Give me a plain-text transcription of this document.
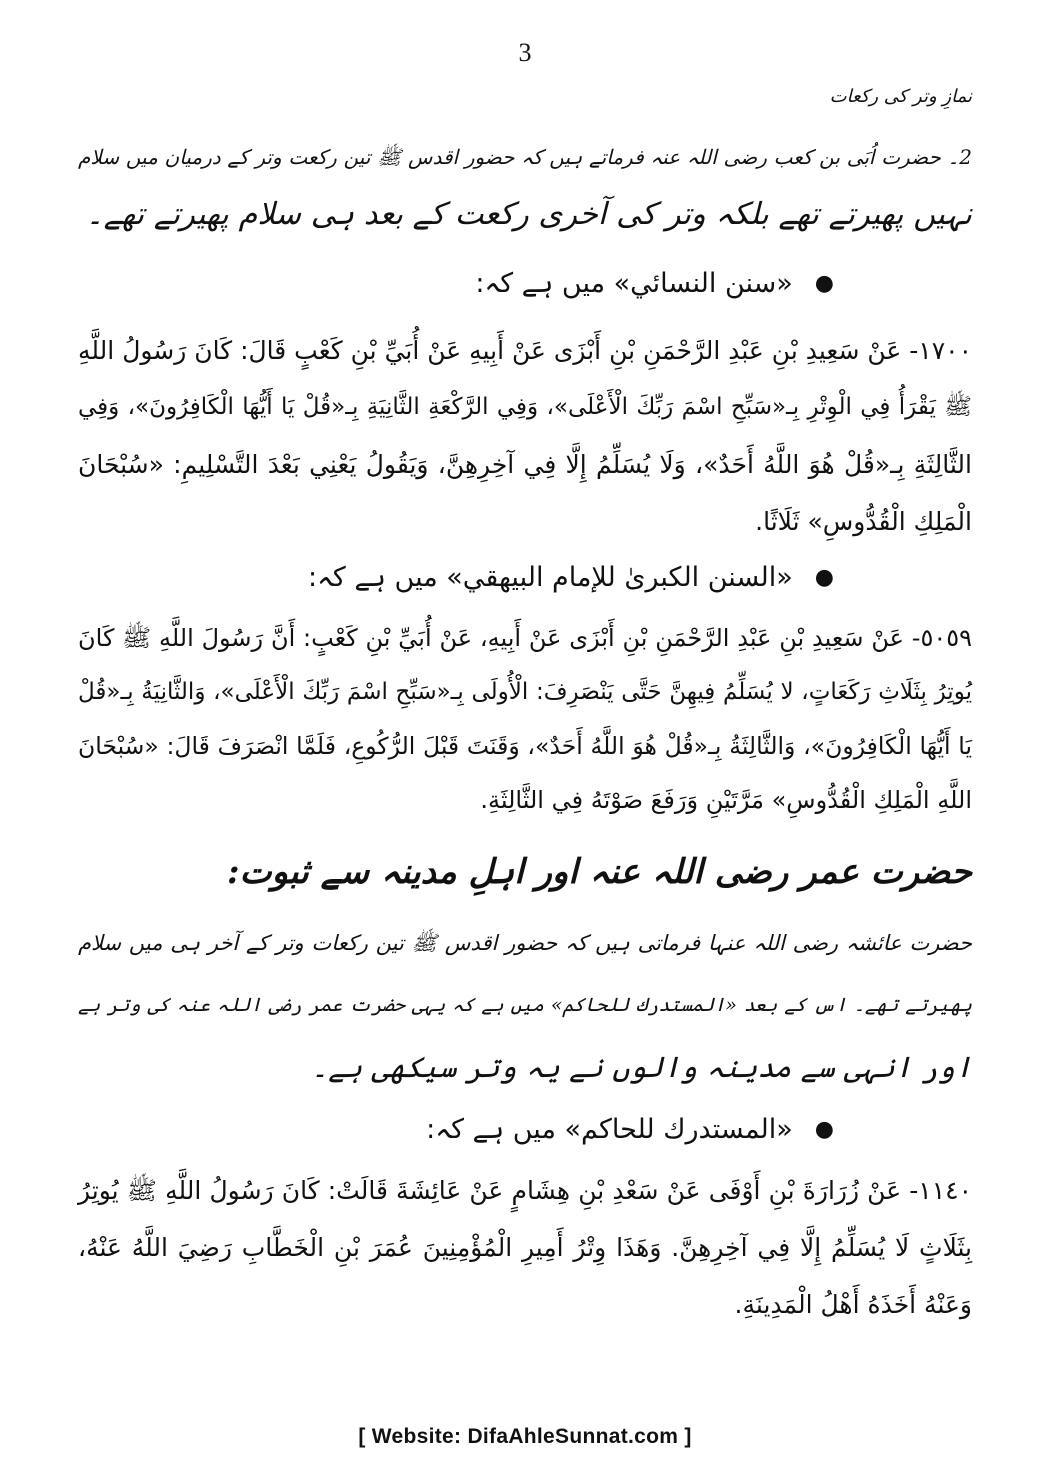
3
نمازِ وتر کی رکعات
2۔ حضرت اُبَی بن کعب رضی اللہ عنہ فرماتے ہیں کہ حضور اقدس ﷺ تین رکعت وتر کے درمیان میں سلام
نہیں پھیرتے تھے بلکہ وتر کی آخری رکعت کے بعد ہی سلام پھیرتے تھے۔
●
«سنن النسائي» میں ہے کہ:
١٧٠٠- عَنْ سَعِيدِ بْنِ عَبْدِ الرَّحْمَنِ بْنِ أَبْزَى عَنْ أَبِيهِ عَنْ أُبَيِّ بْنِ كَعْبٍ قَالَ: كَانَ رَسُولُ اللَّهِ
ﷺ يَقْرَأُ فِي الْوِتْرِ بِـ«سَبِّحِ اسْمَ رَبِّكَ الْأَعْلَى»، وَفِي الرَّكْعَةِ الثَّانِيَةِ بِـ«قُلْ يَا أَيُّهَا الْكَافِرُونَ»، وَفِي
الثَّالِثَةِ بِـ«قُلْ هُوَ اللَّهُ أَحَدٌ»، وَلَا يُسَلِّمُ إِلَّا فِي آخِرِهِنَّ، وَيَقُولُ يَعْنِي بَعْدَ التَّسْلِيمِ: «سُبْحَانَ
الْمَلِكِ الْقُدُّوسِ» ثَلَاثًا.
●
«السنن الكبرىٰ للإمام البيهقي» میں ہے کہ:
٥٠٥٩- عَنْ سَعِيدِ بْنِ عَبْدِ الرَّحْمَنِ بْنِ أَبْزَى عَنْ أَبِيهِ، عَنْ أُبَيِّ بْنِ كَعْبٍ: أَنَّ رَسُولَ اللَّهِ ﷺ كَانَ
يُوتِرُ بِثَلَاثِ رَكَعَاتٍ، لا يُسَلِّمُ فِيهِنَّ حَتَّى يَنْصَرِفَ: الْأُولَى بِـ«سَبِّحِ اسْمَ رَبِّكَ الْأَعْلَى»، وَالثَّانِيَةُ بِـ«قُلْ
يَا أَيُّهَا الْكَافِرُونَ»، وَالثَّالِثَةُ بِـ«قُلْ هُوَ اللَّهُ أَحَدٌ»، وَقَنَتَ قَبْلَ الرُّكُوعِ، فَلَمَّا انْصَرَفَ قَالَ: «سُبْحَانَ
اللَّهِ الْمَلِكِ الْقُدُّوسِ» مَرَّتَيْنِ وَرَفَعَ صَوْتَهُ فِي الثَّالِثَةِ.
حضرت عمر رضی اللہ عنہ اور اہلِ مدینہ سے ثبوت:
حضرت عائشہ رضی اللہ عنہا فرماتی ہیں کہ حضور اقدس ﷺ تین رکعات وتر کے آخر ہی میں سلام
پھیرتے تھے۔ اس کے بعد «المستدرك للحاكم» میں ہے کہ یہی حضرت عمر رضی اللہ عنہ کی وتر ہے
اور انہی سے مدینہ والوں نے یہ وتر سیکھی ہے۔
●
«المستدرك للحاكم» میں ہے کہ:
١١٤٠- عَنْ زُرَارَةَ بْنِ أَوْفَى عَنْ سَعْدِ بْنِ هِشَامٍ عَنْ عَائِشَةَ قَالَتْ: كَانَ رَسُولُ اللَّهِ ﷺ يُوتِرُ
بِثَلَاثٍ لَا يُسَلِّمُ إِلَّا فِي آخِرِهِنَّ. وَهَذَا وِتْرُ أَمِيرِ الْمُؤْمِنِينَ عُمَرَ بْنِ الْخَطَّابِ رَضِيَ اللَّهُ عَنْهُ،
وَعَنْهُ أَخَذَهُ أَهْلُ الْمَدِينَةِ.
[ Website: DifaAhleSunnat.com ]
